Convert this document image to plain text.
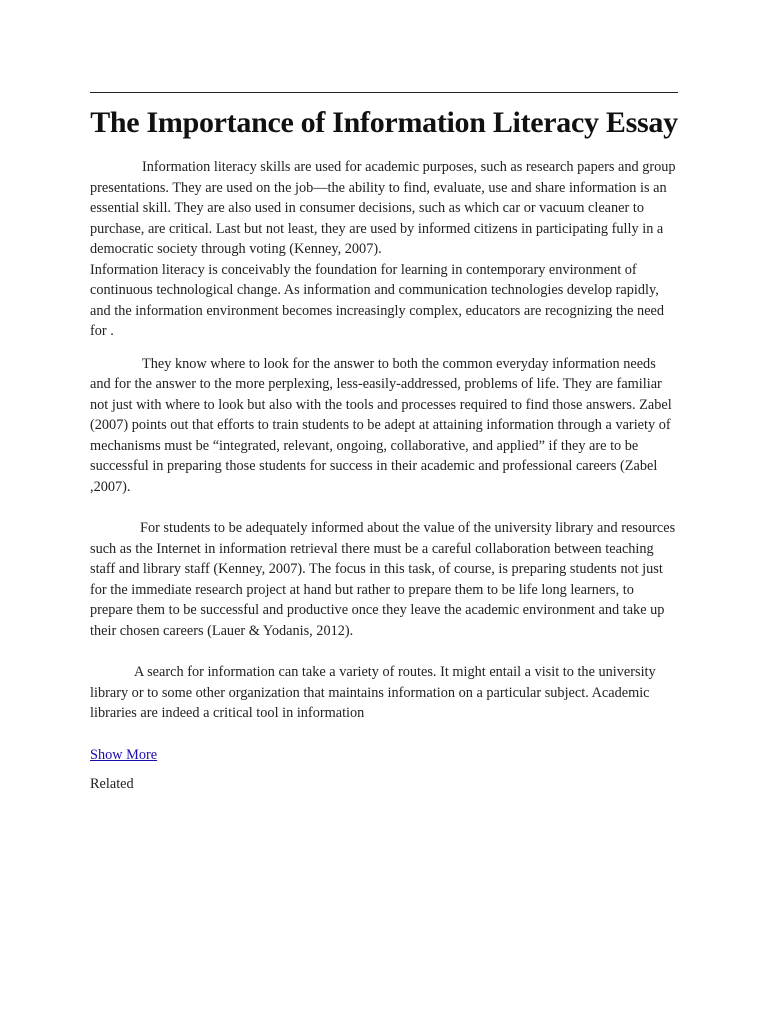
The Importance of Information Literacy Essay

Information literacy skills are used for academic purposes, such as research papers and group presentations. They are used on the job—the ability to find, evaluate, use and share information is an essential skill. They are also used in consumer decisions, such as which car or vacuum cleaner to purchase, are critical. Last but not least, they are used by informed citizens in participating fully in a democratic society through voting (Kenney, 2007).

Information literacy is conceivably the foundation for learning in contemporary environment of continuous technological change. As information and communication technologies develop rapidly, and the information environment becomes increasingly complex, educators are recognizing the need for .

They know where to look for the answer to both the common everyday information needs and for the answer to the more perplexing, less-easily-addressed, problems of life. They are familiar not just with where to look but also with the tools and processes required to find those answers. Zabel (2007) points out that efforts to train students to be adept at attaining information through a variety of mechanisms must be “integrated, relevant, ongoing, collaborative, and applied” if they are to be successful in preparing those students for success in their academic and professional careers (Zabel ,2007).

For students to be adequately informed about the value of the university library and resources such as the Internet in information retrieval there must be a careful collaboration between teaching staff and library staff (Kenney, 2007). The focus in this task, of course, is preparing students not just for the immediate research project at hand but rather to prepare them to be life long learners, to prepare them to be successful and productive once they leave the academic environment and take up their chosen careers (Lauer & Yodanis, 2012).

A search for information can take a variety of routes. It might entail a visit to the university library or to some other organization that maintains information on a particular subject. Academic libraries are indeed a critical tool in information

Show More
Related
